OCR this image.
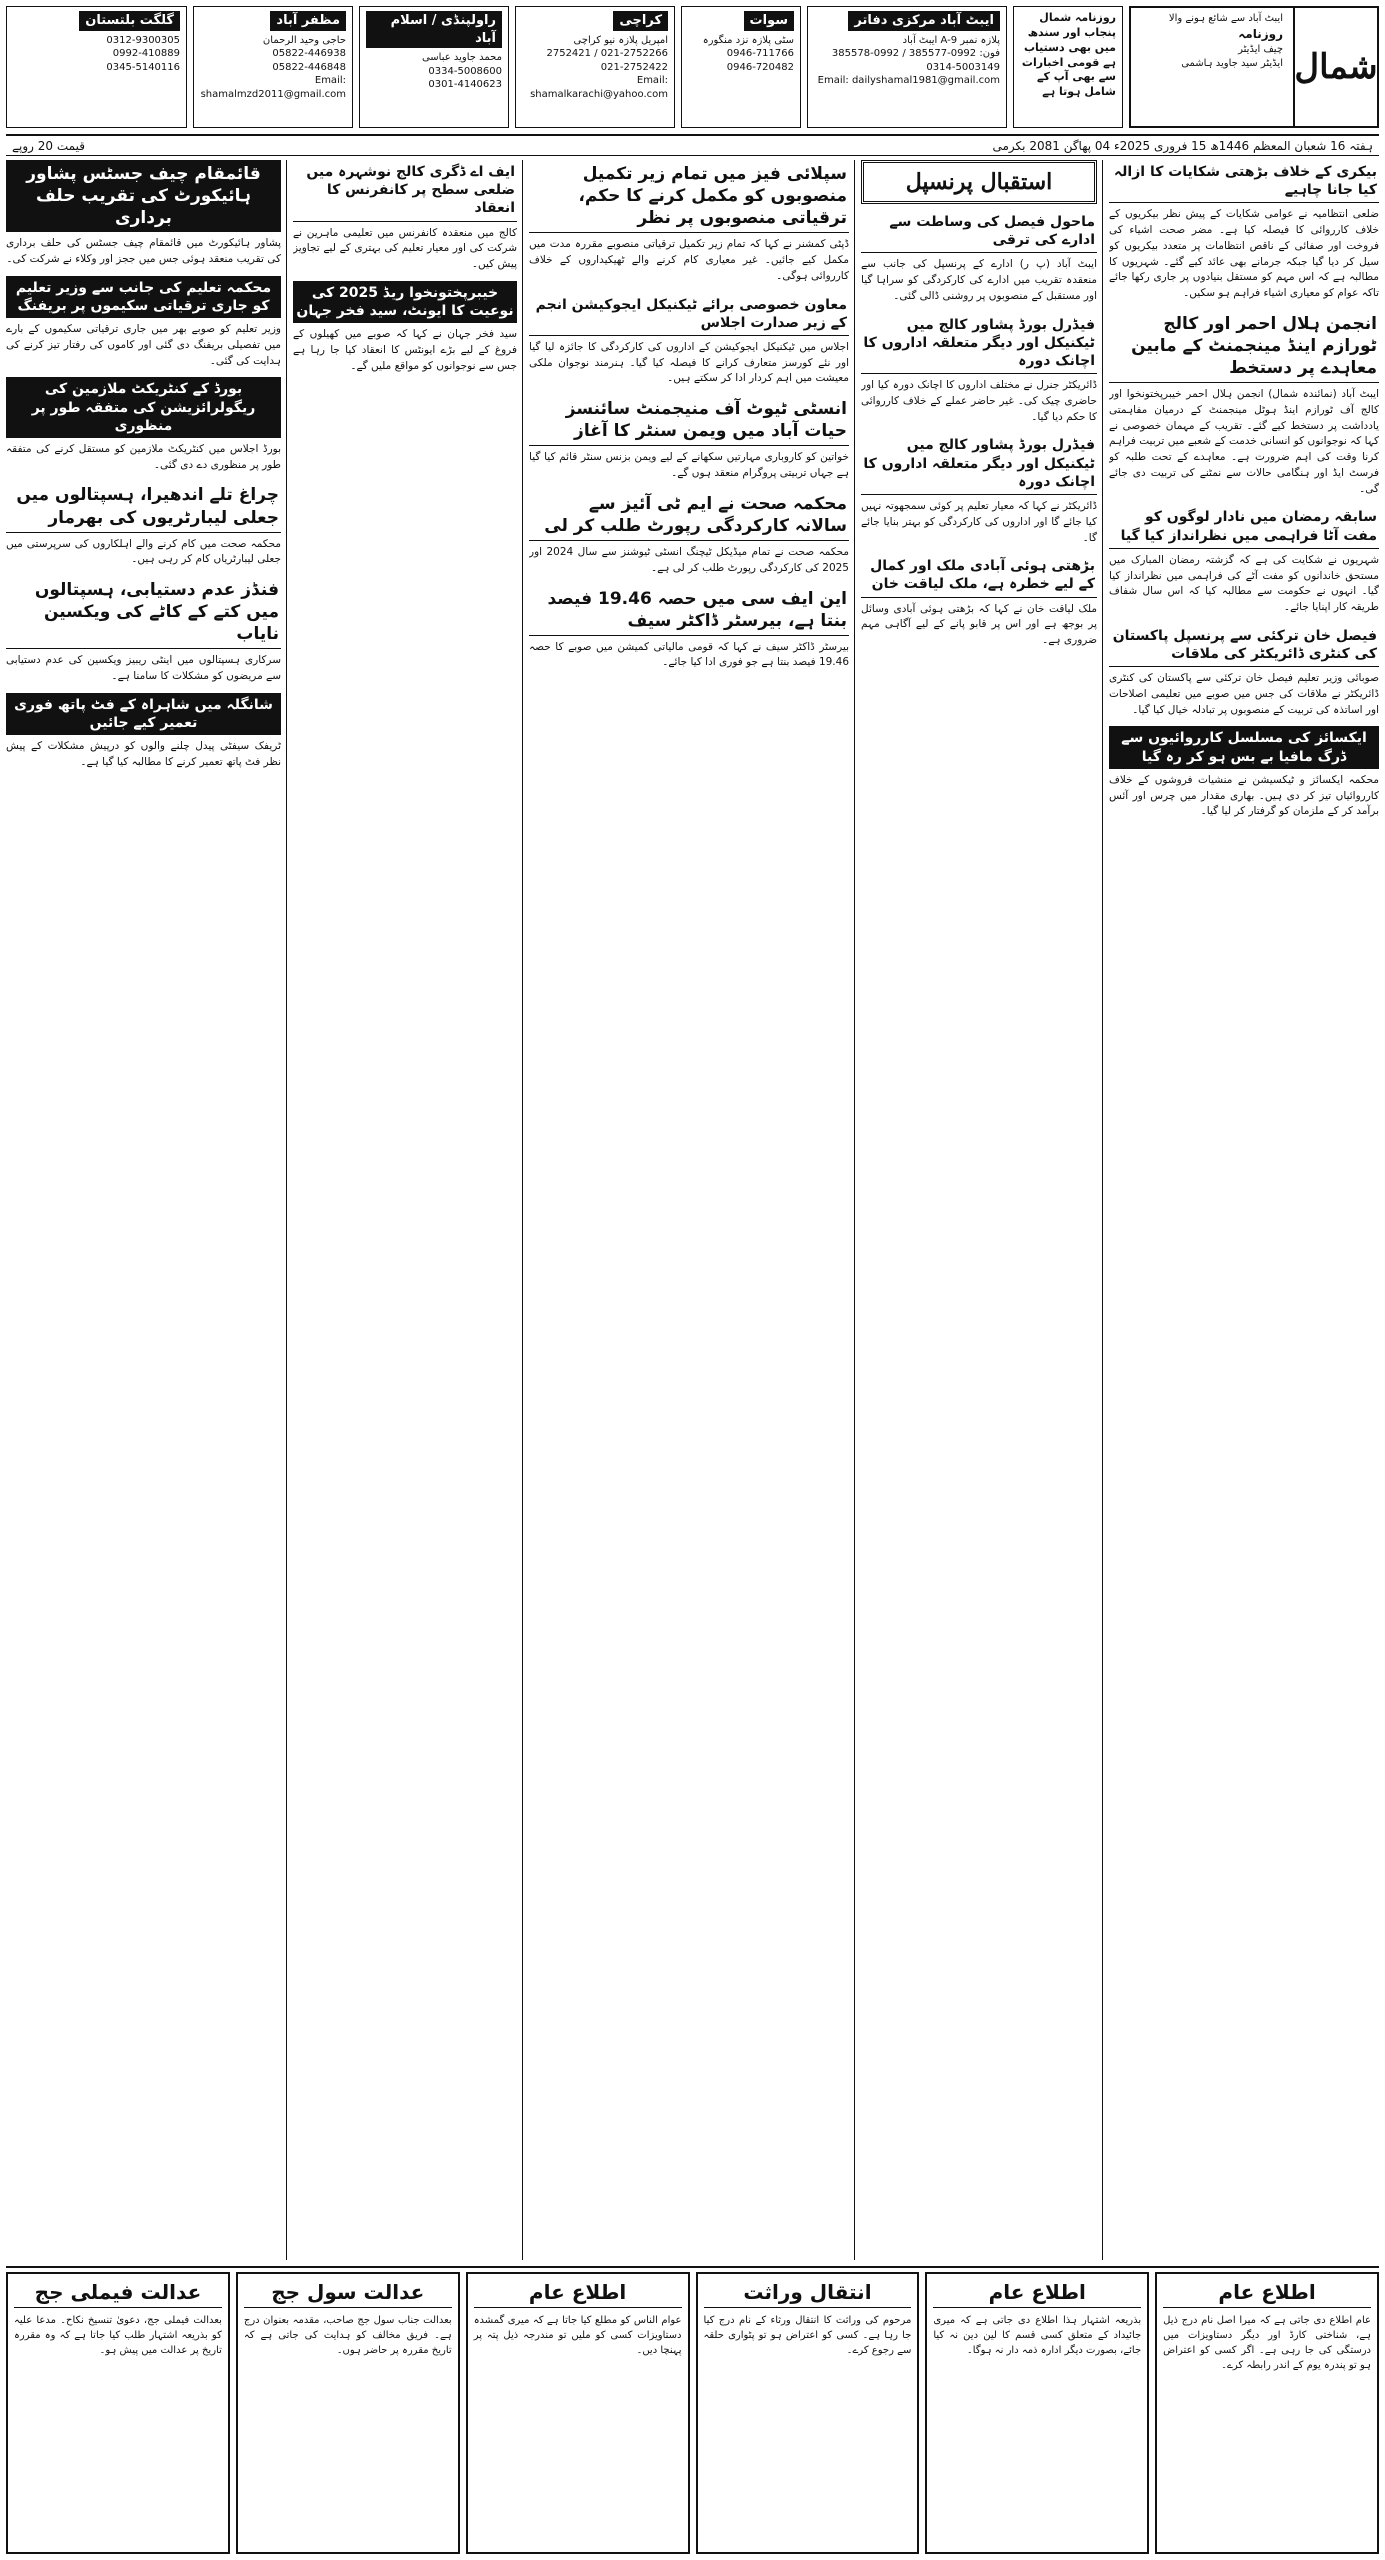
شمال
ایبٹ آباد سے شائع ہونے والا
روزنامہ
چیف ایڈیٹر
ایڈیٹر سید جاوید ہاشمی
روزنامہ شمال پنجاب اور سندھ میں بھی دستیاب ہے قومی اخبارات سے بھی آپ کے شامل ہوتا ہے
ایبٹ آباد مرکزی دفاتر
پلازہ نمبر A-9 ایبٹ آباد
فون: 0992-385577 / 0992-385578
0314-5003149
Email: dailyshamal1981@gmail.com
سوات
سٹی پلازہ نزد منگورہ
0946-711766
0946-720482
کراچی
امپریل پلازہ نیو کراچی
021-2752266 / 2752421
021-2752422
Email: shamalkarachi@yahoo.com
راولپنڈی / اسلام آباد
محمد جاوید عباسی
0334-5008600
0301-4140623
مظفر آباد
حاجی وحید الرحمان
05822-446938
05822-446848
Email: shamalmzd2011@gmail.com
گلگت بلتستان
0312-9300305
0992-410889
0345-5140116
ہفتہ 16 شعبان المعظم 1446ھ 15 فروری 2025ء 04 پھاگن 2081 بکرمی
قیمت 20 روپے
بیکری کے خلاف بڑھتی شکایات کا ازالہ کیا جانا چاہیے
ضلعی انتظامیہ نے عوامی شکایات کے پیش نظر بیکریوں کے خلاف کارروائی کا فیصلہ کیا ہے۔ مضر صحت اشیاء کی فروخت اور صفائی کے ناقص انتظامات پر متعدد بیکریوں کو سیل کر دیا گیا جبکہ جرمانے بھی عائد کیے گئے۔ شہریوں کا مطالبہ ہے کہ اس مہم کو مستقل بنیادوں پر جاری رکھا جائے تاکہ عوام کو معیاری اشیاء فراہم ہو سکیں۔
انجمن ہلال احمر اور کالج ٹورازم اینڈ مینجمنٹ کے مابین معاہدے پر دستخط
ایبٹ آباد (نمائندہ شمال) انجمن ہلال احمر خیبرپختونخوا اور کالج آف ٹورازم اینڈ ہوٹل مینجمنٹ کے درمیان مفاہمتی یادداشت پر دستخط کیے گئے۔ تقریب کے مہمان خصوصی نے کہا کہ نوجوانوں کو انسانی خدمت کے شعبے میں تربیت فراہم کرنا وقت کی اہم ضرورت ہے۔ معاہدے کے تحت طلبہ کو فرسٹ ایڈ اور ہنگامی حالات سے نمٹنے کی تربیت دی جائے گی۔
سابقہ رمضان میں نادار لوگوں کو مفت آٹا فراہمی میں نظرانداز کیا گیا
شہریوں نے شکایت کی ہے کہ گزشتہ رمضان المبارک میں مستحق خاندانوں کو مفت آٹے کی فراہمی میں نظرانداز کیا گیا۔ انہوں نے حکومت سے مطالبہ کیا کہ اس سال شفاف طریقہ کار اپنایا جائے۔
فیصل خان ترکئی سے پرنسپل پاکستان کی کنٹری ڈائریکٹر کی ملاقات
صوبائی وزیر تعلیم فیصل خان ترکئی سے پاکستان کی کنٹری ڈائریکٹر نے ملاقات کی جس میں صوبے میں تعلیمی اصلاحات اور اساتذہ کی تربیت کے منصوبوں پر تبادلہ خیال کیا گیا۔
ایکسائز کی مسلسل کارروائیوں سے ڈرگ مافیا بے بس ہو کر رہ گیا
محکمہ ایکسائز و ٹیکسیشن نے منشیات فروشوں کے خلاف کارروائیاں تیز کر دی ہیں۔ بھاری مقدار میں چرس اور آئس برآمد کر کے ملزمان کو گرفتار کر لیا گیا۔
استقبال پرنسپل
ماحول فیصل کی وساطت سے ادارے کی ترقی
ایبٹ آباد (پ ر) ادارے کے پرنسپل کی جانب سے منعقدہ تقریب میں ادارے کی کارکردگی کو سراہا گیا اور مستقبل کے منصوبوں پر روشنی ڈالی گئی۔
فیڈرل بورڈ پشاور کالج میں ٹیکنیکل اور دیگر متعلقہ اداروں کا اچانک دورہ
ڈائریکٹر جنرل نے مختلف اداروں کا اچانک دورہ کیا اور حاضری چیک کی۔ غیر حاضر عملے کے خلاف کارروائی کا حکم دیا گیا۔
فیڈرل بورڈ پشاور کالج میں ٹیکنیکل اور دیگر متعلقہ اداروں کا اچانک دورہ
ڈائریکٹر نے کہا کہ معیار تعلیم پر کوئی سمجھوتہ نہیں کیا جائے گا اور اداروں کی کارکردگی کو بہتر بنایا جائے گا۔
بڑھتی ہوئی آبادی ملک اور کمال کے لیے خطرہ ہے، ملک لیاقت خان
ملک لیاقت خان نے کہا کہ بڑھتی ہوئی آبادی وسائل پر بوجھ ہے اور اس پر قابو پانے کے لیے آگاہی مہم ضروری ہے۔
سپلائی فیز میں تمام زیر تکمیل منصوبوں کو مکمل کرنے کا حکم، ترقیاتی منصوبوں پر نظر
ڈپٹی کمشنر نے کہا کہ تمام زیر تکمیل ترقیاتی منصوبے مقررہ مدت میں مکمل کیے جائیں۔ غیر معیاری کام کرنے والے ٹھیکیداروں کے خلاف کارروائی ہوگی۔
معاون خصوصی برائے ٹیکنیکل ایجوکیشن انجم کے زیر صدارت اجلاس
اجلاس میں ٹیکنیکل ایجوکیشن کے اداروں کی کارکردگی کا جائزہ لیا گیا اور نئے کورسز متعارف کرانے کا فیصلہ کیا گیا۔ ہنرمند نوجوان ملکی معیشت میں اہم کردار ادا کر سکتے ہیں۔
انسٹی ٹیوٹ آف منیجمنٹ سائنسز حیات آباد میں ویمن سنٹر کا آغاز
خواتین کو کاروباری مہارتیں سکھانے کے لیے ویمن بزنس سنٹر قائم کیا گیا ہے جہاں تربیتی پروگرام منعقد ہوں گے۔
محکمہ صحت نے ایم ٹی آئیز سے سالانہ کارکردگی رپورٹ طلب کر لی
محکمہ صحت نے تمام میڈیکل ٹیچنگ انسٹی ٹیوشنز سے سال 2024 اور 2025 کی کارکردگی رپورٹ طلب کر لی ہے۔
این ایف سی میں حصہ 19.46 فیصد بنتا ہے، بیرسٹر ڈاکٹر سیف
بیرسٹر ڈاکٹر سیف نے کہا کہ قومی مالیاتی کمیشن میں صوبے کا حصہ 19.46 فیصد بنتا ہے جو فوری ادا کیا جائے۔
ایف اے ڈگری کالج نوشہرہ میں ضلعی سطح پر کانفرنس کا انعقاد
کالج میں منعقدہ کانفرنس میں تعلیمی ماہرین نے شرکت کی اور معیار تعلیم کی بہتری کے لیے تجاویز پیش کیں۔
خیبرپختونخوا ریڈ 2025 کی نوعیت کا ایونٹ، سید فخر جہان
سید فخر جہان نے کہا کہ صوبے میں کھیلوں کے فروغ کے لیے بڑے ایونٹس کا انعقاد کیا جا رہا ہے جس سے نوجوانوں کو مواقع ملیں گے۔
قائمقام چیف جسٹس پشاور ہائیکورٹ کی تقریب حلف برداری
پشاور ہائیکورٹ میں قائمقام چیف جسٹس کی حلف برداری کی تقریب منعقد ہوئی جس میں ججز اور وکلاء نے شرکت کی۔
محکمہ تعلیم کی جانب سے وزیر تعلیم کو جاری ترقیاتی سکیموں پر بریفنگ
وزیر تعلیم کو صوبے بھر میں جاری ترقیاتی سکیموں کے بارے میں تفصیلی بریفنگ دی گئی اور کاموں کی رفتار تیز کرنے کی ہدایت کی گئی۔
بورڈ کے کنٹریکٹ ملازمین کی ریگولرائزیشن کی متفقہ طور پر منظوری
بورڈ اجلاس میں کنٹریکٹ ملازمین کو مستقل کرنے کی متفقہ طور پر منظوری دے دی گئی۔
چراغ تلے اندھیرا، ہسپتالوں میں جعلی لیبارٹریوں کی بھرمار
محکمہ صحت میں کام کرنے والے اہلکاروں کی سرپرستی میں جعلی لیبارٹریاں کام کر رہی ہیں۔
فنڈز عدم دستیابی، ہسپتالوں میں کتے کے کاٹے کی ویکسین نایاب
سرکاری ہسپتالوں میں اینٹی ریبیز ویکسین کی عدم دستیابی سے مریضوں کو مشکلات کا سامنا ہے۔
شانگلہ میں شاہراہ کے فٹ پاتھ فوری تعمیر کیے جائیں
ٹریفک سیفٹی پیدل چلنے والوں کو درپیش مشکلات کے پیش نظر فٹ پاتھ تعمیر کرنے کا مطالبہ کیا گیا ہے۔
اطلاع عام
عام اطلاع دی جاتی ہے کہ میرا اصل نام درج ذیل ہے، شناختی کارڈ اور دیگر دستاویزات میں درستگی کی جا رہی ہے۔ اگر کسی کو اعتراض ہو تو پندرہ یوم کے اندر رابطہ کرے۔
اطلاع عام
بذریعہ اشتہار ہذا اطلاع دی جاتی ہے کہ میری جائیداد کے متعلق کسی قسم کا لین دین نہ کیا جائے، بصورت دیگر ادارہ ذمہ دار نہ ہوگا۔
انتقال وراثت
مرحوم کی وراثت کا انتقال ورثاء کے نام درج کیا جا رہا ہے۔ کسی کو اعتراض ہو تو پٹواری حلقہ سے رجوع کرے۔
اطلاع عام
عوام الناس کو مطلع کیا جاتا ہے کہ میری گمشدہ دستاویزات کسی کو ملیں تو مندرجہ ذیل پتہ پر پہنچا دیں۔
عدالت سول جج
بعدالت جناب سول جج صاحب، مقدمہ بعنوان درج ہے۔ فریق مخالف کو ہدایت کی جاتی ہے کہ تاریخ مقررہ پر حاضر ہوں۔
عدالت فیملی جج
بعدالت فیملی جج، دعویٰ تنسیخ نکاح۔ مدعا علیہ کو بذریعہ اشتہار طلب کیا جاتا ہے کہ وہ مقررہ تاریخ پر عدالت میں پیش ہو۔
